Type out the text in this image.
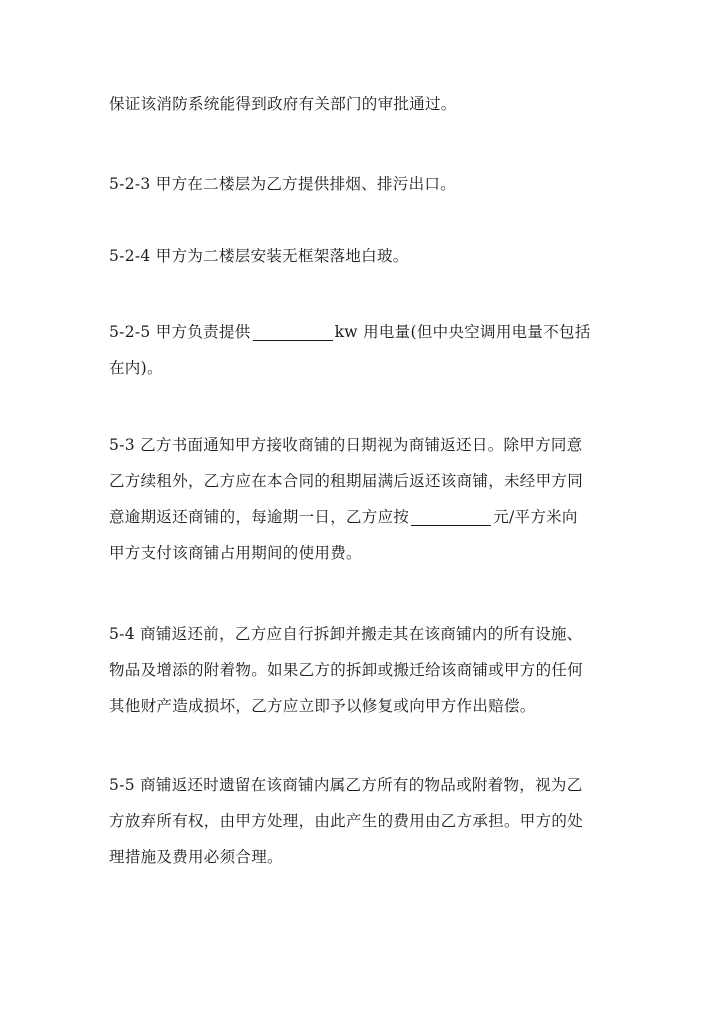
保证该消防系统能得到政府有关部门的审批通过。

5-2-3 甲方在二楼层为乙方提供排烟、排污出口。

5-2-4 甲方为二楼层安装无框架落地白玻。

5-2-5 甲方负责提供	kw 用电量(但中央空调用电量不包括
在内)。

5-3 乙方书面通知甲方接收商铺的日期视为商铺返还日。除甲方同意
乙方续租外，乙方应在本合同的租期届满后返还该商铺，未经甲方同
意逾期返还商铺的，每逾期一日，乙方应按	元/平方米向
甲方支付该商铺占用期间的使用费。

5-4 商铺返还前，乙方应自行拆卸并搬走其在该商铺内的所有设施、
物品及增添的附着物。如果乙方的拆卸或搬迁给该商铺或甲方的任何
其他财产造成损坏，乙方应立即予以修复或向甲方作出赔偿。

5-5 商铺返还时遗留在该商铺内属乙方所有的物品或附着物，视为乙
方放弃所有权，由甲方处理，由此产生的费用由乙方承担。甲方的处
理措施及费用必须合理。
